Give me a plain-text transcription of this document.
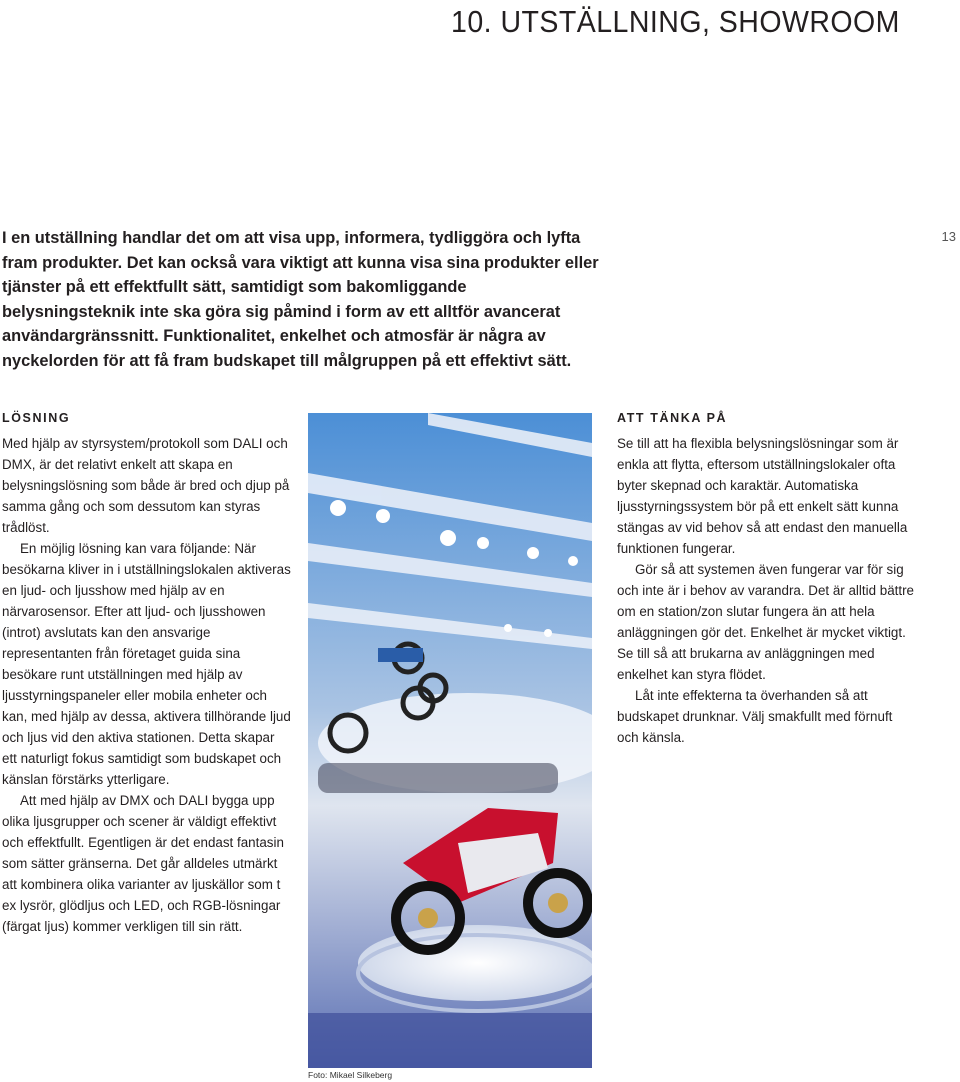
10. UTSTÄLLNING, SHOWROOM
13

I en utställning handlar det om att visa upp, informera, tydliggöra och lyfta fram produkter. Det kan också vara viktigt att kunna visa sina produkter eller tjänster på ett effektfullt sätt, samtidigt som bakomliggande belysningsteknik inte ska göra sig påmind i form av ett alltför avancerat användargränssnitt. Funktionalitet, enkelhet och atmosfär är några av nyckelorden för att få fram budskapet till målgruppen på ett effektivt sätt.

LÖSNING

Med hjälp av styrsystem/protokoll som DALI och DMX, är det relativt enkelt att skapa en belysningslösning som både är bred och djup på samma gång och som dessutom kan styras trådlöst.

En möjlig lösning kan vara följande: När besökarna kliver in i utställningslokalen aktiveras en ljud- och ljusshow med hjälp av en närvarosensor. Efter att ljud- och ljusshowen (introt) avslutats kan den ansvarige representanten från företaget guida sina besökare runt utställningen med hjälp av ljusstyrningspaneler eller mobila enheter och kan, med hjälp av dessa, aktivera tillhörande ljud och ljus vid den aktiva stationen. Detta skapar ett naturligt fokus samtidigt som budskapet och känslan förstärks ytterligare.

Att med hjälp av DMX och DALI bygga upp olika ljusgrupper och scener är väldigt effektivt och effektfullt. Egentligen är det endast fantasin som sätter gränserna. Det går alldeles utmärkt att kombinera olika varianter av ljuskällor som t ex lysrör, glödljus och LED, och RGB-lösningar (färgat ljus) kommer verkligen till sin rätt.

Foto: Mikael Silkeberg
ATT TÄNKA PÅ

Se till att ha flexibla belysningslösningar som är enkla att flytta, eftersom utställningslokaler ofta byter skepnad och karaktär. Automatiska ljusstyrningssystem bör på ett enkelt sätt kunna stängas av vid behov så att endast den manuella funktionen fungerar.

Gör så att systemen även fungerar var för sig och inte är i behov av varandra. Det är alltid bättre om en station/zon slutar fungera än att hela anläggningen gör det. Enkelhet är mycket viktigt. Se till så att brukarna av anläggningen med enkelhet kan styra flödet.

Låt inte effekterna ta överhanden så att budskapet drunknar. Välj smakfullt med förnuft och känsla.
